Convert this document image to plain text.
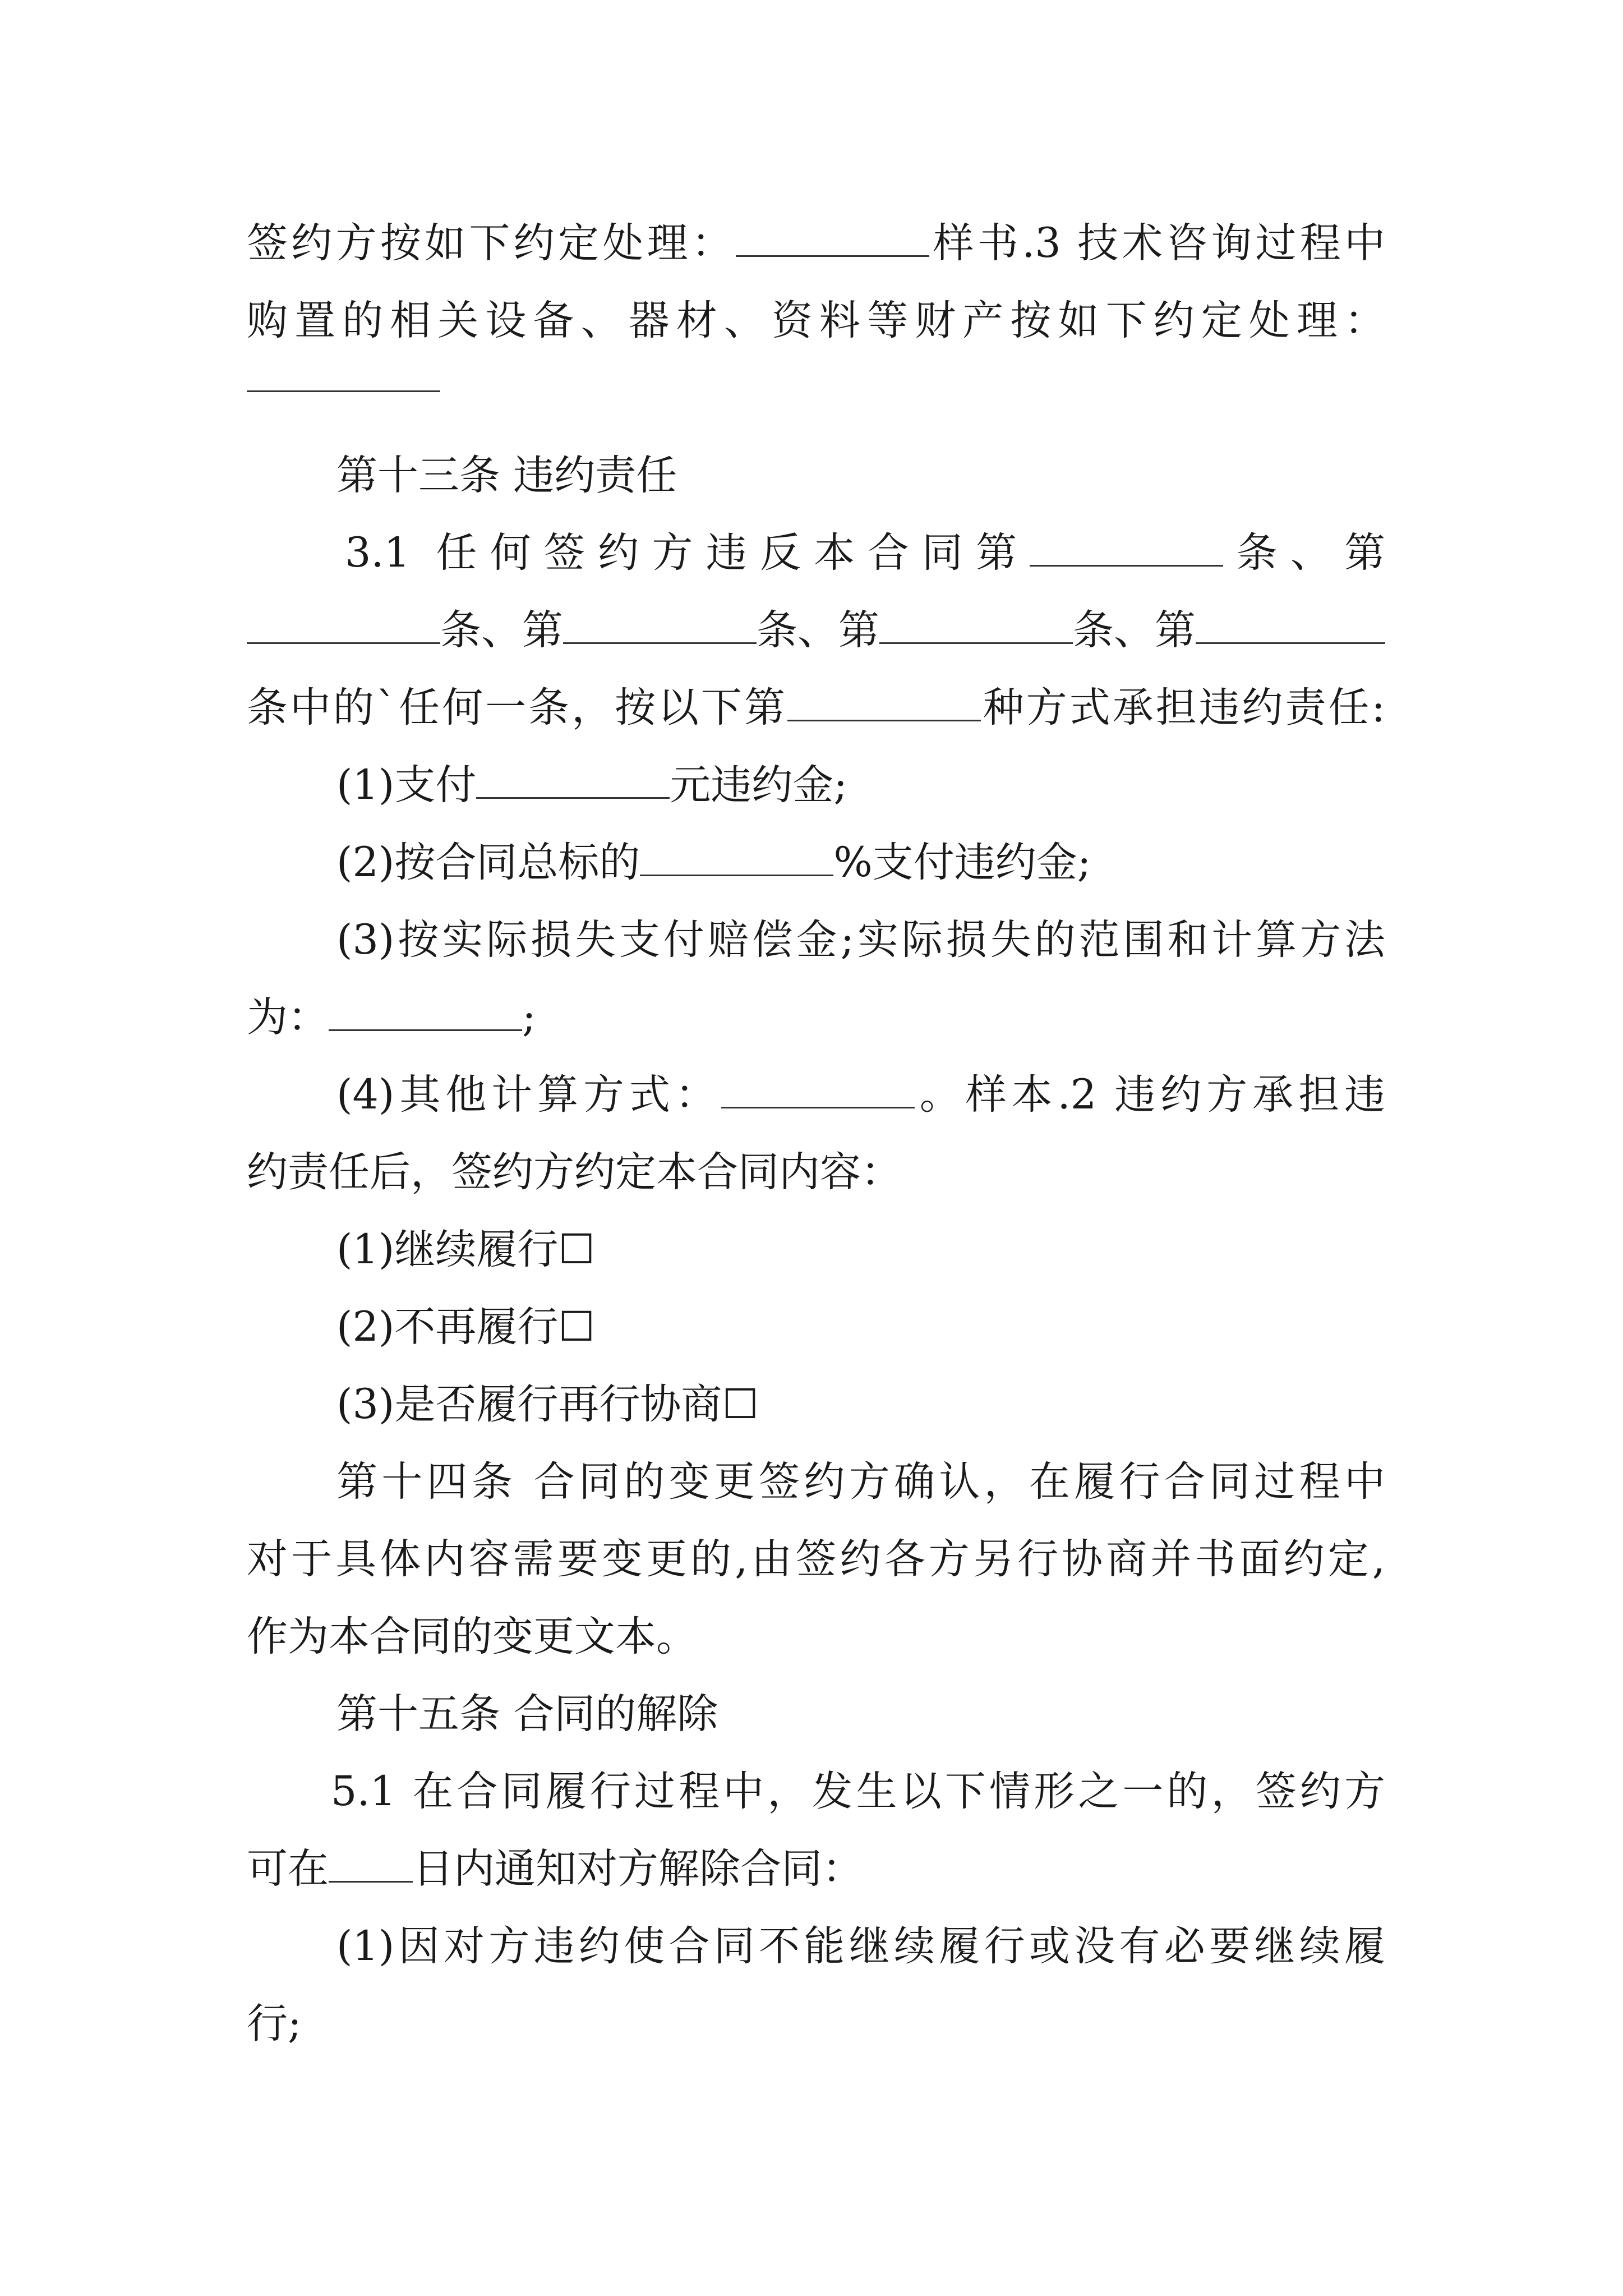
签约方按如下约定处理：	样书.3 技术咨询过程中
购置的相关设备、器材、资料等财产按如下约定处理：
第十三条 违约责任
3.1 任何签约方违反本合同第	条、第
条、第	条、第	条、第
条中的`任何一条，按以下第	种方式承担违约责任:
(1)支付	元违约金;
(2)按合同总标的	%支付违约金;
(3)按实际损失支付赔偿金;实际损失的范围和计算方法
为：	;
(4)其他计算方式：	。样本.2 违约方承担违
约责任后，签约方约定本合同内容：
(1)继续履行☐
(2)不再履行☐
(3)是否履行再行协商☐
第十四条 合同的变更签约方确认，在履行合同过程中
对于具体内容需要变更的,由签约各方另行协商并书面约定,
作为本合同的变更文本。
第十五条 合同的解除
5.1 在合同履行过程中，发生以下情形之一的，签约方
可在 日内通知对方解除合同：
(1)因对方违约使合同不能继续履行或没有必要继续履
行;
